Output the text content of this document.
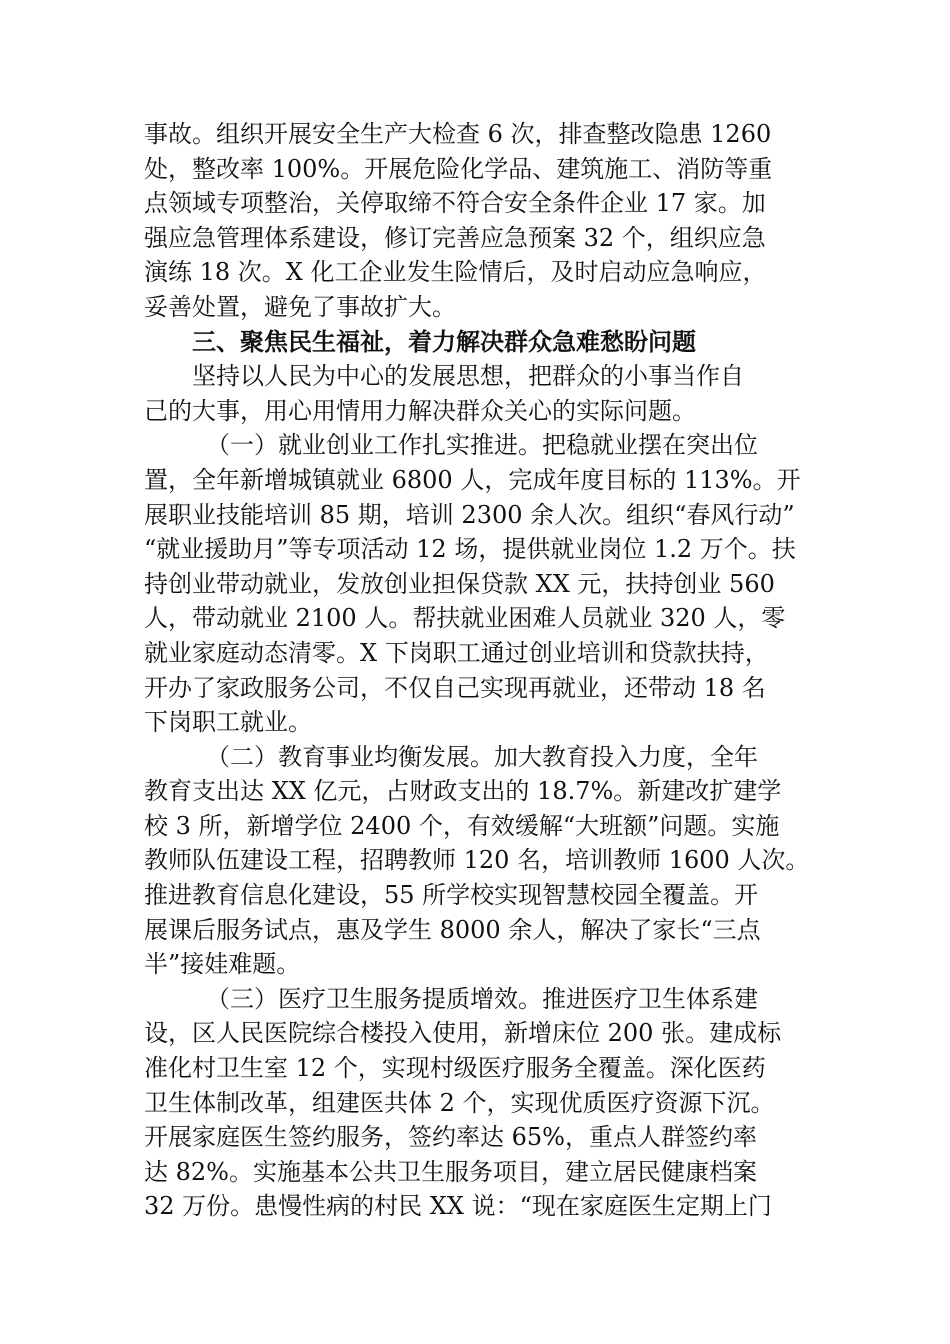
事故。组织开展安全生产大检查 6 次，排查整改隐患 1260
处，整改率 100%。开展危险化学品、建筑施工、消防等重
点领域专项整治，关停取缔不符合安全条件企业 17 家。加
强应急管理体系建设，修订完善应急预案 32 个，组织应急
演练 18 次。X 化工企业发生险情后，及时启动应急响应，
妥善处置，避免了事故扩大。
三、聚焦民生福祉，着力解决群众急难愁盼问题
坚持以人民为中心的发展思想，把群众的小事当作自
己的大事，用心用情用力解决群众关心的实际问题。
（一）就业创业工作扎实推进。把稳就业摆在突出位
置，全年新增城镇就业 6800 人，完成年度目标的 113%。开
展职业技能培训 85 期，培训 2300 余人次。组织“春风行动”
“就业援助月”等专项活动 12 场，提供就业岗位 1.2 万个。扶
持创业带动就业，发放创业担保贷款 XX 元，扶持创业 560
人，带动就业 2100 人。帮扶就业困难人员就业 320 人，零
就业家庭动态清零。X 下岗职工通过创业培训和贷款扶持，
开办了家政服务公司，不仅自己实现再就业，还带动 18 名
下岗职工就业。
（二）教育事业均衡发展。加大教育投入力度，全年
教育支出达 XX 亿元，占财政支出的 18.7%。新建改扩建学
校 3 所，新增学位 2400 个，有效缓解“大班额”问题。实施
教师队伍建设工程，招聘教师 120 名，培训教师 1600 人次。
推进教育信息化建设，55 所学校实现智慧校园全覆盖。开
展课后服务试点，惠及学生 8000 余人，解决了家长“三点
半”接娃难题。
（三）医疗卫生服务提质增效。推进医疗卫生体系建
设，区人民医院综合楼投入使用，新增床位 200 张。建成标
准化村卫生室 12 个，实现村级医疗服务全覆盖。深化医药
卫生体制改革，组建医共体 2 个，实现优质医疗资源下沉。
开展家庭医生签约服务，签约率达 65%，重点人群签约率
达 82%。实施基本公共卫生服务项目，建立居民健康档案
32 万份。患慢性病的村民 XX 说：“现在家庭医生定期上门
